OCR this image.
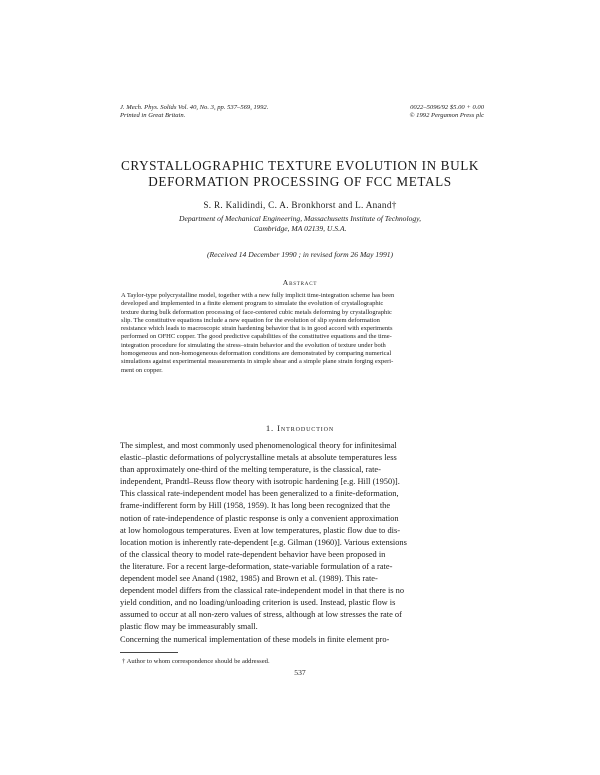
J. Mech. Phys. Solids Vol. 40, No. 3, pp. 537–569, 1992.
Printed in Great Britain.
0022–5096/92 $5.00 + 0.00
© 1992 Pergamon Press plc
CRYSTALLOGRAPHIC TEXTURE EVOLUTION IN BULK
DEFORMATION PROCESSING OF FCC METALS
S. R. Kalidindi, C. A. Bronkhorst and L. Anand†
Department of Mechanical Engineering, Massachusetts Institute of Technology,
Cambridge, MA 02139, U.S.A.
(Received 14 December 1990 ; in revised form 26 May 1991)
Abstract
A Taylor-type polycrystalline model, together with a new fully implicit time-integration scheme has been
developed and implemented in a finite element program to simulate the evolution of crystallographic
texture during bulk deformation processing of face-centered cubic metals deforming by crystallographic
slip. The constitutive equations include a new equation for the evolution of slip system deformation
resistance which leads to macroscopic strain hardening behavior that is in good accord with experiments
performed on OFHC copper. The good predictive capabilities of the constitutive equations and the time-
integration procedure for simulating the stress–strain behavior and the evolution of texture under both
homogeneous and non-homogeneous deformation conditions are demonstrated by comparing numerical
simulations against experimental measurements in simple shear and a simple plane strain forging experi-
ment on copper.
1. Introduction
The simplest, and most commonly used phenomenological theory for infinitesimal
elastic–plastic deformations of polycrystalline metals at absolute temperatures less
than approximately one-third of the melting temperature, is the classical, rate-
independent, Prandtl–Reuss flow theory with isotropic hardening [e.g. Hill (1950)].
This classical rate-independent model has been generalized to a finite-deformation,
frame-indifferent form by Hill (1958, 1959). It has long been recognized that the
notion of rate-independence of plastic response is only a convenient approximation
at low homologous temperatures. Even at low temperatures, plastic flow due to dis-
location motion is inherently rate-dependent [e.g. Gilman (1960)]. Various extensions
of the classical theory to model rate-dependent behavior have been proposed in
the literature. For a recent large-deformation, state-variable formulation of a rate-
dependent model see Anand (1982, 1985) and Brown et al. (1989). This rate-
dependent model differs from the classical rate-independent model in that there is no
yield condition, and no loading/unloading criterion is used. Instead, plastic flow is
assumed to occur at all non-zero values of stress, although at low stresses the rate of
plastic flow may be immeasurably small.
Concerning the numerical implementation of these models in finite element pro-
† Author to whom correspondence should be addressed.
537
